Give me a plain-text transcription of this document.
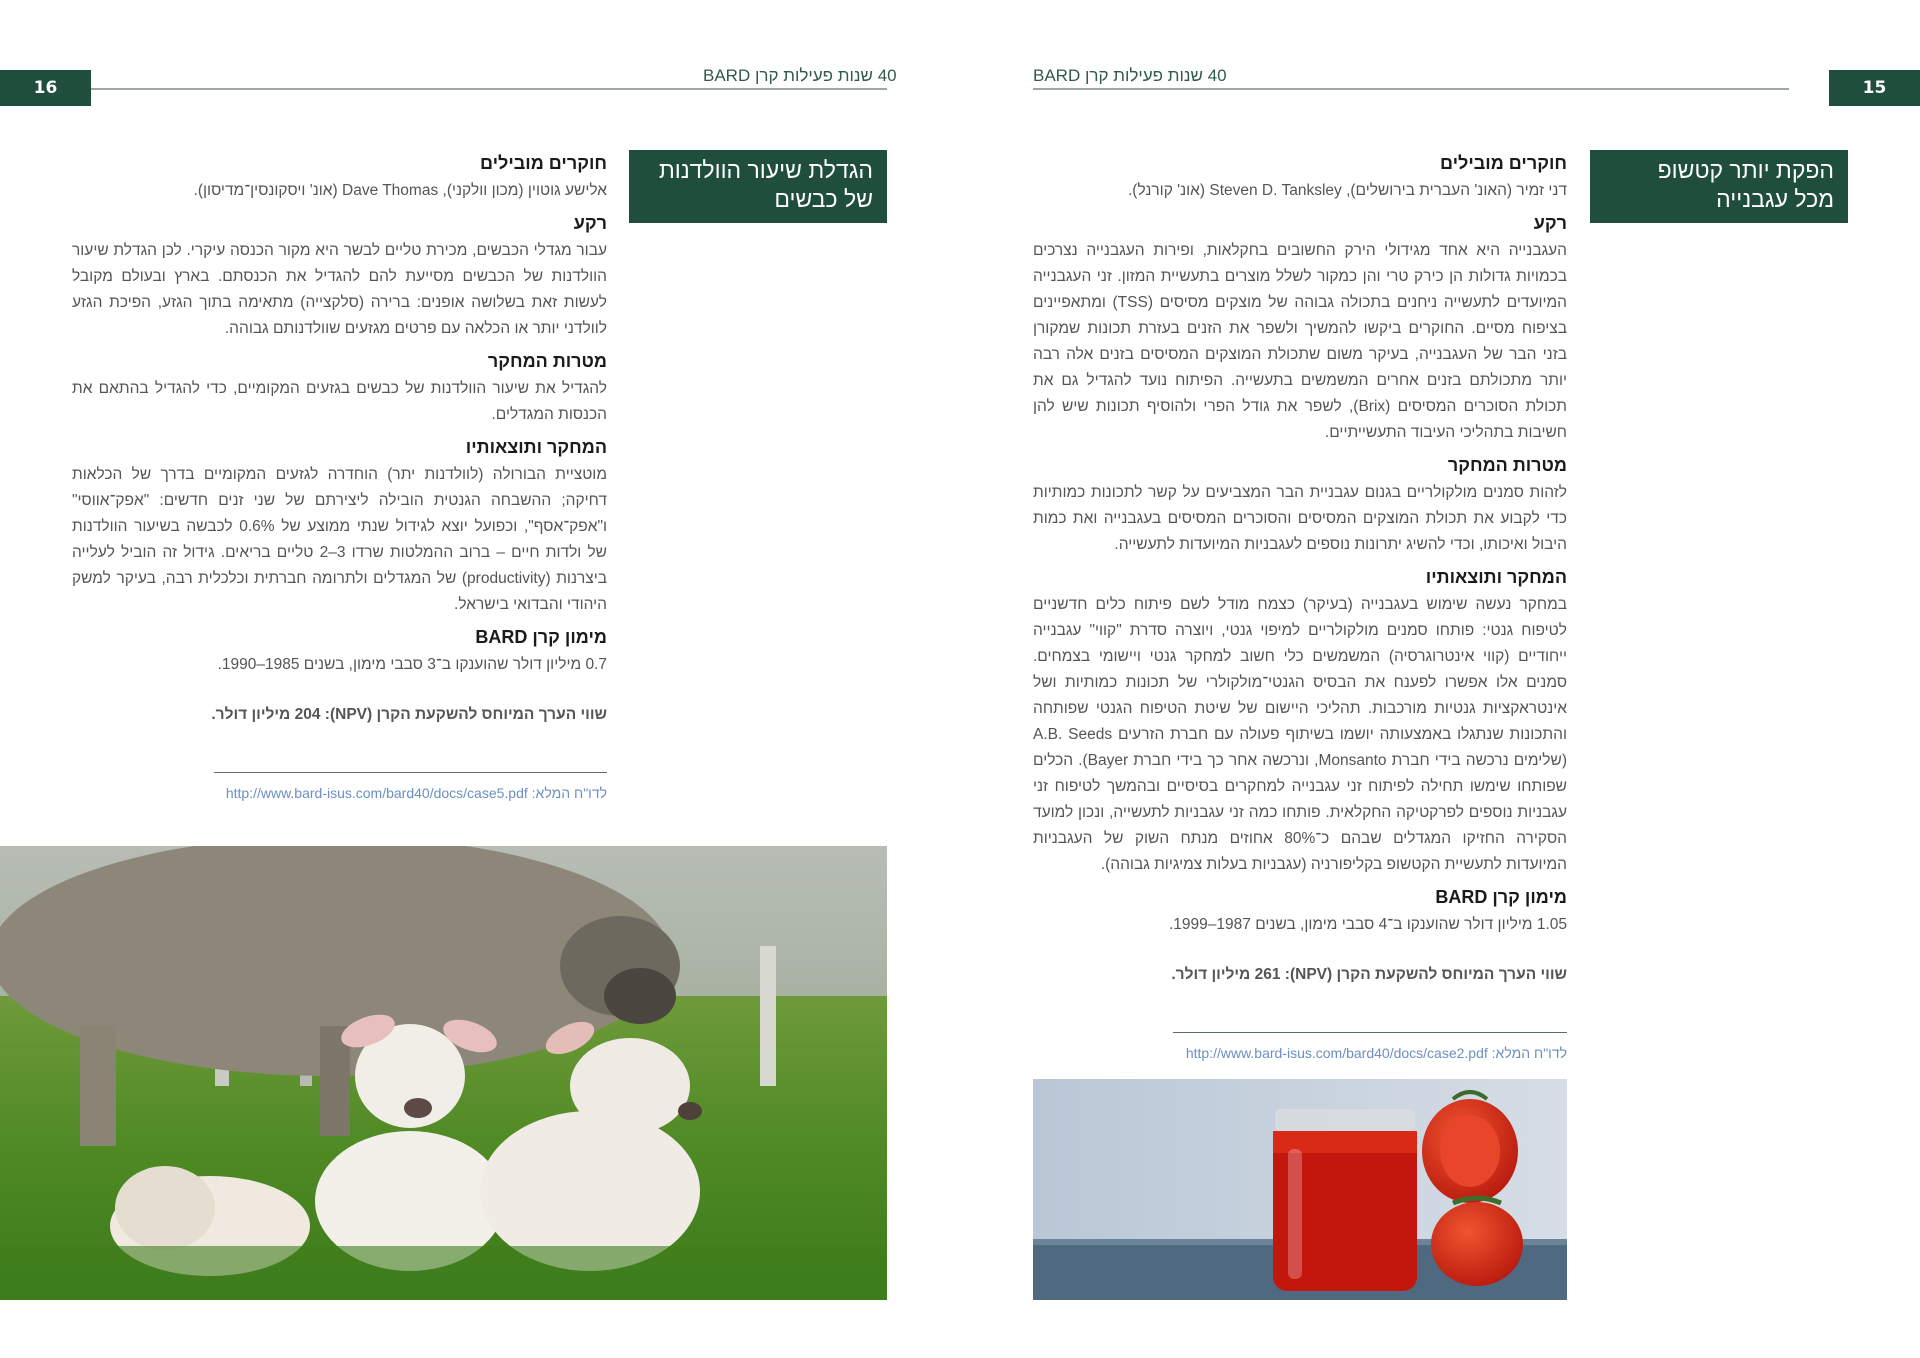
16
40 שנות פעילות קרן BARD
הגדלת שיעור הוולדנות
של כבשים
חוקרים מובילים

אלישע גוטוין (מכון וולקני), Dave Thomas (אונ' ויסקונסין־מדיסון).

רקע

עבור מגדלי הכבשים, מכירת טליים לבשר היא מקור הכנסה עיקרי. לכן הגדלת שיעור הוולדנות של הכבשים מסייעת להם להגדיל את הכנסתם. בארץ ובעולם מקובל לעשות זאת בשלושה אופנים: ברירה (סלקצייה) מתאימה בתוך הגזע, הפיכת הגזע לוולדני יותר או הכלאה עם פרטים מגזעים שוולדנותם גבוהה.

מטרות המחקר

להגדיל את שיעור הוולדנות של כבשים בגזעים המקומיים, כדי להגדיל בהתאם את הכנסות המגדלים.

המחקר ותוצאותיו

מוטציית הבורולה (לוולדנות יתר) הוחדרה לגזעים המקומיים בדרך של הכלאות דחיקה; ההשבחה הגנטית הובילה ליצירתם של שני זנים חדשים: "אפק־אווסי" ו"אפק־אסף", וכפועל יוצא לגידול שנתי ממוצע של 0.6% לכבשה בשיעור הוולדנות של ולדות חיים – ברוב ההמלטות שרדו 3–2 טליים בריאים. גידול זה הוביל לעלייה ביצרנות (productivity) של המגדלים ולתרומה חברתית וכלכלית רבה, בעיקר למשק היהודי והבדואי בישראל.

מימון קרן BARD

0.7 מיליון דולר שהוענקו ב־3 סבבי מימון, בשנים 1985–1990.

שווי הערך המיוחס להשקעת הקרן (NPV): 204 מיליון דולר.

לדו"ח המלא: http://www.bard-isus.com/bard40/docs/case5.pdf
15
40 שנות פעילות קרן BARD
הפקת יותר קטשופ
מכל עגבנייה
חוקרים מובילים

דני זמיר (האונ' העברית בירושלים), Steven D. Tanksley (אונ' קורנל).

רקע

העגבנייה היא אחד מגידולי הירק החשובים בחקלאות, ופירות העגבנייה נצרכים בכמויות גדולות הן כירק טרי והן כמקור לשלל מוצרים בתעשיית המזון. זני העגבנייה המיועדים לתעשייה ניחנים בתכולה גבוהה של מוצקים מסיסים (TSS) ומתאפיינים בציפוח מסיים. החוקרים ביקשו להמשיך ולשפר את הזנים בעזרת תכונות שמקורן בזני הבר של העגבנייה, בעיקר משום שתכולת המוצקים המסיסים בזנים אלה רבה יותר מתכולתם בזנים אחרים המשמשים בתעשייה. הפיתוח נועד להגדיל גם את תכולת הסוכרים המסיסים (Brix), לשפר את גודל הפרי ולהוסיף תכונות שיש להן חשיבות בתהליכי העיבוד התעשייתיים.

מטרות המחקר

לזהות סמנים מולקולריים בגנום עגבניית הבר המצביעים על קשר לתכונות כמותיות כדי לקבוע את תכולת המוצקים המסיסים והסוכרים המסיסים בעגבנייה ואת כמות היבול ואיכותו, וכדי להשיג יתרונות נוספים לעגבניות המיועדות לתעשייה.

המחקר ותוצאותיו

במחקר נעשה שימוש בעגבנייה (בעיקר) כצמח מודל לשם פיתוח כלים חדשניים לטיפוח גנטי: פותחו סמנים מולקולריים למיפוי גנטי, ויוצרה סדרת "קווי" עגבנייה ייחודיים (קווי אינטרוגרסיה) המשמשים כלי חשוב למחקר גנטי ויישומי בצמחים. סמנים אלו אפשרו לפענח את הבסיס הגנטי־מולקולרי של תכונות כמותיות ושל אינטראקציות גנטיות מורכבות. תהליכי היישום של שיטת הטיפוח הגנטי שפותחה והתכונות שנתגלו באמצעותה יושמו בשיתוף פעולה עם חברת הזרעים A.B. Seeds (שלימים נרכשה בידי חברת Monsanto, ונרכשה אחר כך בידי חברת Bayer). הכלים שפותחו שימשו תחילה לפיתוח זני עגבנייה למחקרים בסיסיים ובהמשך לטיפוח זני עגבניות נוספים לפרקטיקה החקלאית. פותחו כמה זני עגבניות לתעשייה, ונכון למועד הסקירה החזיקו המגדלים שבהם כ־80% אחוזים מנתח השוק של העגבניות המיועדות לתעשיית הקטשופ בקליפורניה (עגבניות בעלות צמיגיות גבוהה).

מימון קרן BARD

1.05 מיליון דולר שהוענקו ב־4 סבבי מימון, בשנים 1987–1999.

שווי הערך המיוחס להשקעת הקרן (NPV): 261 מיליון דולר.

לדו"ח המלא: http://www.bard-isus.com/bard40/docs/case2.pdf
